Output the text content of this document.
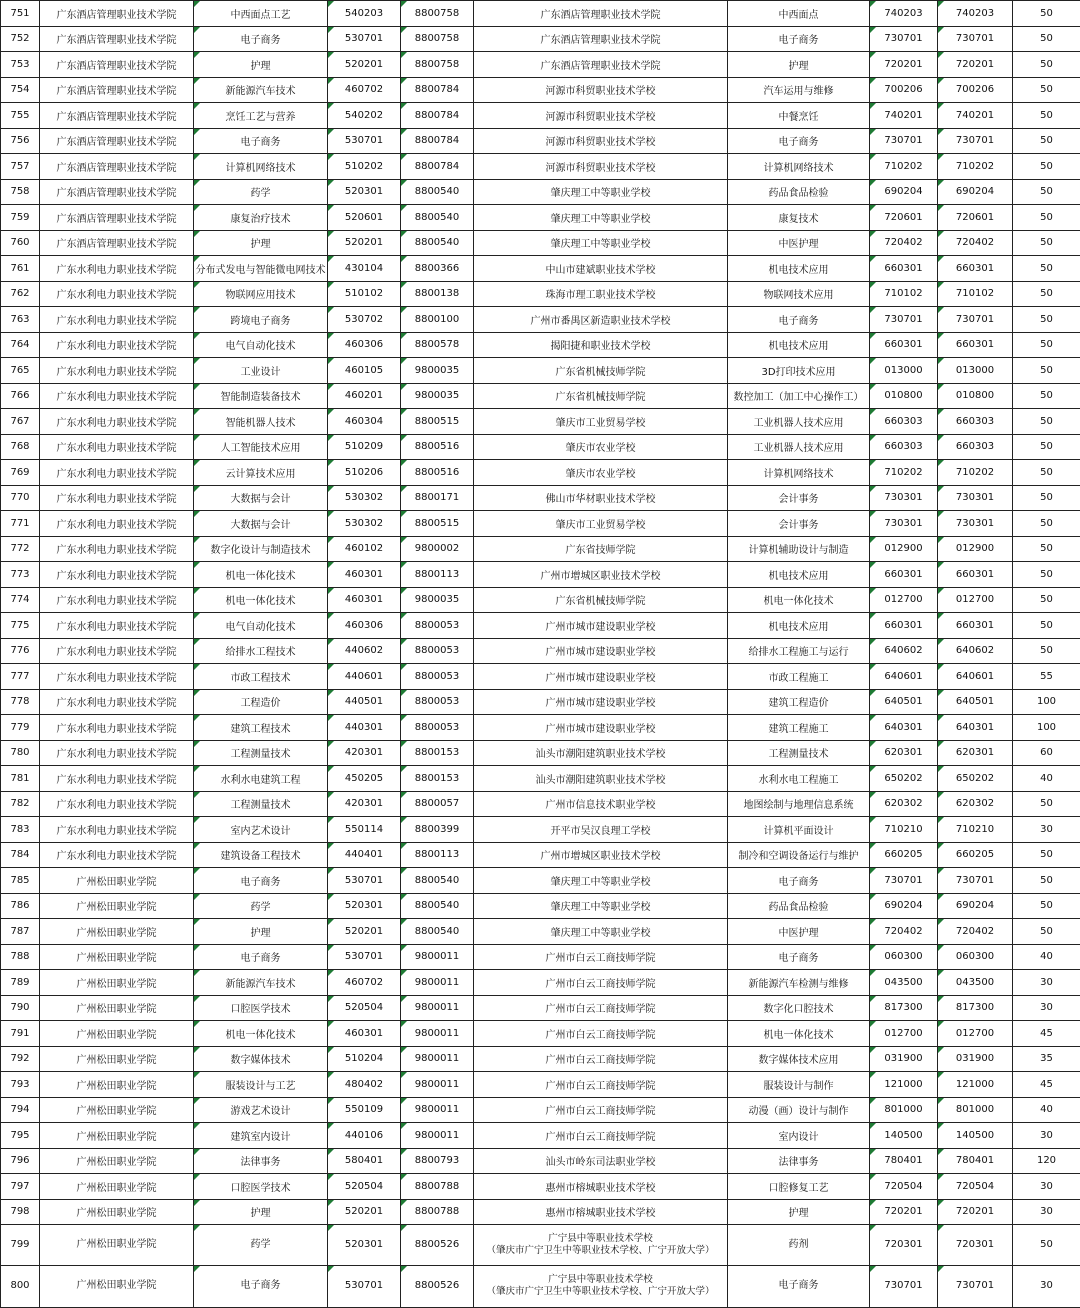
751	广东酒店管理职业技术学院	中西面点工艺	540203	8800758	广东酒店管理职业技术学院	中西面点	740203	740203	50
752	广东酒店管理职业技术学院	电子商务	530701	8800758	广东酒店管理职业技术学院	电子商务	730701	730701	50
753	广东酒店管理职业技术学院	护理	520201	8800758	广东酒店管理职业技术学院	护理	720201	720201	50
754	广东酒店管理职业技术学院	新能源汽车技术	460702	8800784	河源市科贸职业技术学校	汽车运用与维修	700206	700206	50
755	广东酒店管理职业技术学院	烹饪工艺与营养	540202	8800784	河源市科贸职业技术学校	中餐烹饪	740201	740201	50
756	广东酒店管理职业技术学院	电子商务	530701	8800784	河源市科贸职业技术学校	电子商务	730701	730701	50
757	广东酒店管理职业技术学院	计算机网络技术	510202	8800784	河源市科贸职业技术学校	计算机网络技术	710202	710202	50
758	广东酒店管理职业技术学院	药学	520301	8800540	肇庆理工中等职业学校	药品食品检验	690204	690204	50
759	广东酒店管理职业技术学院	康复治疗技术	520601	8800540	肇庆理工中等职业学校	康复技术	720601	720601	50
760	广东酒店管理职业技术学院	护理	520201	8800540	肇庆理工中等职业学校	中医护理	720402	720402	50
761	广东水利电力职业技术学院	分布式发电与智能微电网技术	430104	8800366	中山市建斌职业技术学校	机电技术应用	660301	660301	50
762	广东水利电力职业技术学院	物联网应用技术	510102	8800138	珠海市理工职业技术学校	物联网技术应用	710102	710102	50
763	广东水利电力职业技术学院	跨境电子商务	530702	8800100	广州市番禺区新造职业技术学校	电子商务	730701	730701	50
764	广东水利电力职业技术学院	电气自动化技术	460306	8800578	揭阳捷和职业技术学校	机电技术应用	660301	660301	50
765	广东水利电力职业技术学院	工业设计	460105	9800035	广东省机械技师学院	3D打印技术应用	013000	013000	50
766	广东水利电力职业技术学院	智能制造装备技术	460201	9800035	广东省机械技师学院	数控加工（加工中心操作工）	010800	010800	50
767	广东水利电力职业技术学院	智能机器人技术	460304	8800515	肇庆市工业贸易学校	工业机器人技术应用	660303	660303	50
768	广东水利电力职业技术学院	人工智能技术应用	510209	8800516	肇庆市农业学校	工业机器人技术应用	660303	660303	50
769	广东水利电力职业技术学院	云计算技术应用	510206	8800516	肇庆市农业学校	计算机网络技术	710202	710202	50
770	广东水利电力职业技术学院	大数据与会计	530302	8800171	佛山市华材职业技术学校	会计事务	730301	730301	50
771	广东水利电力职业技术学院	大数据与会计	530302	8800515	肇庆市工业贸易学校	会计事务	730301	730301	50
772	广东水利电力职业技术学院	数字化设计与制造技术	460102	9800002	广东省技师学院	计算机辅助设计与制造	012900	012900	50
773	广东水利电力职业技术学院	机电一体化技术	460301	8800113	广州市增城区职业技术学校	机电技术应用	660301	660301	50
774	广东水利电力职业技术学院	机电一体化技术	460301	9800035	广东省机械技师学院	机电一体化技术	012700	012700	50
775	广东水利电力职业技术学院	电气自动化技术	460306	8800053	广州市城市建设职业学校	机电技术应用	660301	660301	50
776	广东水利电力职业技术学院	给排水工程技术	440602	8800053	广州市城市建设职业学校	给排水工程施工与运行	640602	640602	50
777	广东水利电力职业技术学院	市政工程技术	440601	8800053	广州市城市建设职业学校	市政工程施工	640601	640601	55
778	广东水利电力职业技术学院	工程造价	440501	8800053	广州市城市建设职业学校	建筑工程造价	640501	640501	100
779	广东水利电力职业技术学院	建筑工程技术	440301	8800053	广州市城市建设职业学校	建筑工程施工	640301	640301	100
780	广东水利电力职业技术学院	工程测量技术	420301	8800153	汕头市潮阳建筑职业技术学校	工程测量技术	620301	620301	60
781	广东水利电力职业技术学院	水利水电建筑工程	450205	8800153	汕头市潮阳建筑职业技术学校	水利水电工程施工	650202	650202	40
782	广东水利电力职业技术学院	工程测量技术	420301	8800057	广州市信息技术职业学校	地图绘制与地理信息系统	620302	620302	50
783	广东水利电力职业技术学院	室内艺术设计	550114	8800399	开平市吴汉良理工学校	计算机平面设计	710210	710210	30
784	广东水利电力职业技术学院	建筑设备工程技术	440401	8800113	广州市增城区职业技术学校	制冷和空调设备运行与维护	660205	660205	50
785	广州松田职业学院	电子商务	530701	8800540	肇庆理工中等职业学校	电子商务	730701	730701	50
786	广州松田职业学院	药学	520301	8800540	肇庆理工中等职业学校	药品食品检验	690204	690204	50
787	广州松田职业学院	护理	520201	8800540	肇庆理工中等职业学校	中医护理	720402	720402	50
788	广州松田职业学院	电子商务	530701	9800011	广州市白云工商技师学院	电子商务	060300	060300	40
789	广州松田职业学院	新能源汽车技术	460702	9800011	广州市白云工商技师学院	新能源汽车检测与维修	043500	043500	30
790	广州松田职业学院	口腔医学技术	520504	9800011	广州市白云工商技师学院	数字化口腔技术	817300	817300	30
791	广州松田职业学院	机电一体化技术	460301	9800011	广州市白云工商技师学院	机电一体化技术	012700	012700	45
792	广州松田职业学院	数字媒体技术	510204	9800011	广州市白云工商技师学院	数字媒体技术应用	031900	031900	35
793	广州松田职业学院	服装设计与工艺	480402	9800011	广州市白云工商技师学院	服装设计与制作	121000	121000	45
794	广州松田职业学院	游戏艺术设计	550109	9800011	广州市白云工商技师学院	动漫（画）设计与制作	801000	801000	40
795	广州松田职业学院	建筑室内设计	440106	9800011	广州市白云工商技师学院	室内设计	140500	140500	30
796	广州松田职业学院	法律事务	580401	8800793	汕头市岭东司法职业学校	法律事务	780401	780401	120
797	广州松田职业学院	口腔医学技术	520504	8800788	惠州市榕城职业技术学校	口腔修复工艺	720504	720504	30
798	广州松田职业学院	护理	520201	8800788	惠州市榕城职业技术学校	护理	720201	720201	30
799	广州松田职业学院	药学	520301	8800526	广宁县中等职业技术学校
（肇庆市广宁卫生中等职业技术学校、广宁开放大学）	药剂	720301	720301	50
800	广州松田职业学院	电子商务	530701	8800526	广宁县中等职业技术学校
（肇庆市广宁卫生中等职业技术学校、广宁开放大学）	电子商务	730701	730701	30
